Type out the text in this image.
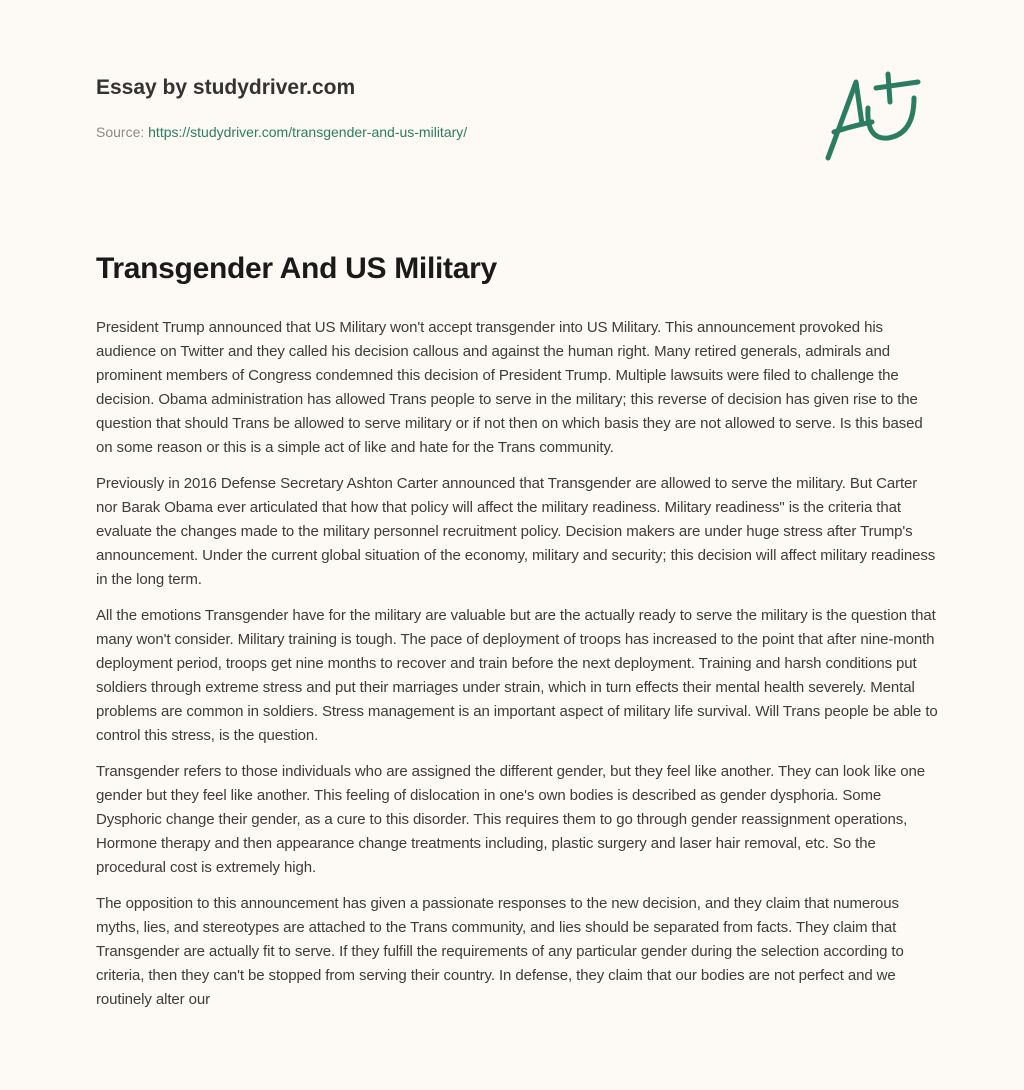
Essay by studydriver.com
Source: https://studydriver.com/transgender-and-us-military/
Transgender And US Military

President Trump announced that US Military won't accept transgender into US Military. This announcement provoked his audience on Twitter and they called his decision callous and against the human right. Many retired generals, admirals and prominent members of Congress condemned this decision of President Trump. Multiple lawsuits were filed to challenge the decision. Obama administration has allowed Trans people to serve in the military; this reverse of decision has given rise to the question that should Trans be allowed to serve military or if not then on which basis they are not allowed to serve. Is this based on some reason or this is a simple act of like and hate for the Trans community.

Previously in 2016 Defense Secretary Ashton Carter announced that Transgender are allowed to serve the military. But Carter nor Barak Obama ever articulated that how that policy will affect the military readiness. Military readiness" is the criteria that evaluate the changes made to the military personnel recruitment policy. Decision makers are under huge stress after Trump's announcement. Under the current global situation of the economy, military and security; this decision will affect military readiness in the long term.

All the emotions Transgender have for the military are valuable but are the actually ready to serve the military is the question that many won't consider. Military training is tough. The pace of deployment of troops has increased to the point that after nine-month deployment period, troops get nine months to recover and train before the next deployment. Training and harsh conditions put soldiers through extreme stress and put their marriages under strain, which in turn effects their mental health severely. Mental problems are common in soldiers. Stress management is an important aspect of military life survival. Will Trans people be able to control this stress, is the question.

Transgender refers to those individuals who are assigned the different gender, but they feel like another. They can look like one gender but they feel like another. This feeling of dislocation in one's own bodies is described as gender dysphoria. Some Dysphoric change their gender, as a cure to this disorder. This requires them to go through gender reassignment operations, Hormone therapy and then appearance change treatments including, plastic surgery and laser hair removal, etc. So the procedural cost is extremely high.

The opposition to this announcement has given a passionate responses to the new decision, and they claim that numerous myths, lies, and stereotypes are attached to the Trans community, and lies should be separated from facts. They claim that Transgender are actually fit to serve. If they fulfill the requirements of any particular gender during the selection according to criteria, then they can't be stopped from serving their country. In defense, they claim that our bodies are not perfect and we routinely alter our
